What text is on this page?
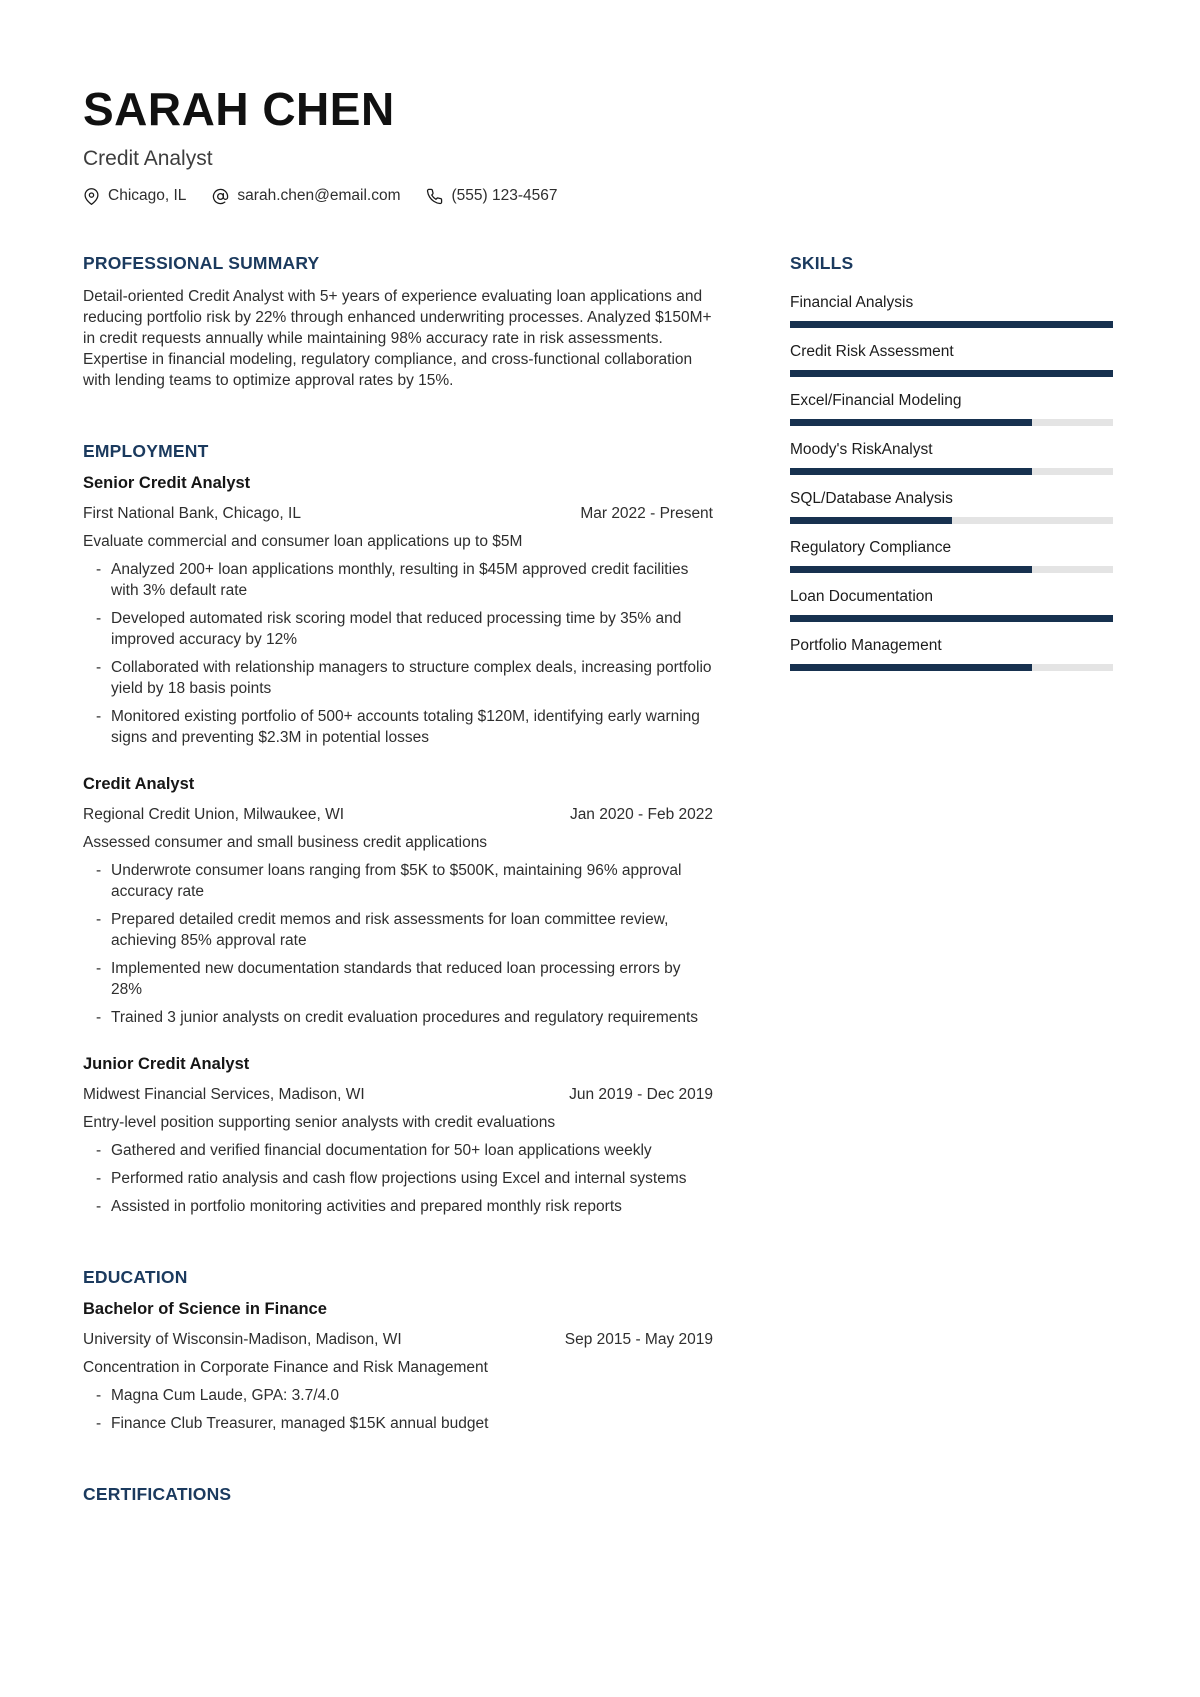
SARAH CHEN
Credit Analyst
Chicago, IL	sarah.chen@email.com	(555) 123-4567
PROFESSIONAL SUMMARY

Detail-oriented Credit Analyst with 5+ years of experience evaluating loan applications and reducing portfolio risk by 22% through enhanced underwriting processes. Analyzed $150M+ in credit requests annually while maintaining 98% accuracy rate in risk assessments. Expertise in financial modeling, regulatory compliance, and cross-functional collaboration with lending teams to optimize approval rates by 15%.

EMPLOYMENT
Senior Credit Analyst
First National Bank, Chicago, IL	Mar 2022 - Present

Evaluate commercial and consumer loan applications up to $5M

- Analyzed 200+ loan applications monthly, resulting in $45M approved credit facilities with 3% default rate
- Developed automated risk scoring model that reduced processing time by 35% and improved accuracy by 12%
- Collaborated with relationship managers to structure complex deals, increasing portfolio yield by 18 basis points
- Monitored existing portfolio of 500+ accounts totaling $120M, identifying early warning signs and preventing $2.3M in potential losses
Credit Analyst
Regional Credit Union, Milwaukee, WI	Jan 2020 - Feb 2022

Assessed consumer and small business credit applications

- Underwrote consumer loans ranging from $5K to $500K, maintaining 96% approval accuracy rate
- Prepared detailed credit memos and risk assessments for loan committee review, achieving 85% approval rate
- Implemented new documentation standards that reduced loan processing errors by 28%
- Trained 3 junior analysts on credit evaluation procedures and regulatory requirements
Junior Credit Analyst
Midwest Financial Services, Madison, WI	Jun 2019 - Dec 2019

Entry-level position supporting senior analysts with credit evaluations

- Gathered and verified financial documentation for 50+ loan applications weekly
- Performed ratio analysis and cash flow projections using Excel and internal systems
- Assisted in portfolio monitoring activities and prepared monthly risk reports
EDUCATION
Bachelor of Science in Finance
University of Wisconsin-Madison, Madison, WI	Sep 2015 - May 2019

Concentration in Corporate Finance and Risk Management

- Magna Cum Laude, GPA: 3.7/4.0
- Finance Club Treasurer, managed $15K annual budget
CERTIFICATIONS
SKILLS
Financial Analysis
Credit Risk Assessment
Excel/Financial Modeling
Moody's RiskAnalyst
SQL/Database Analysis
Regulatory Compliance
Loan Documentation
Portfolio Management
